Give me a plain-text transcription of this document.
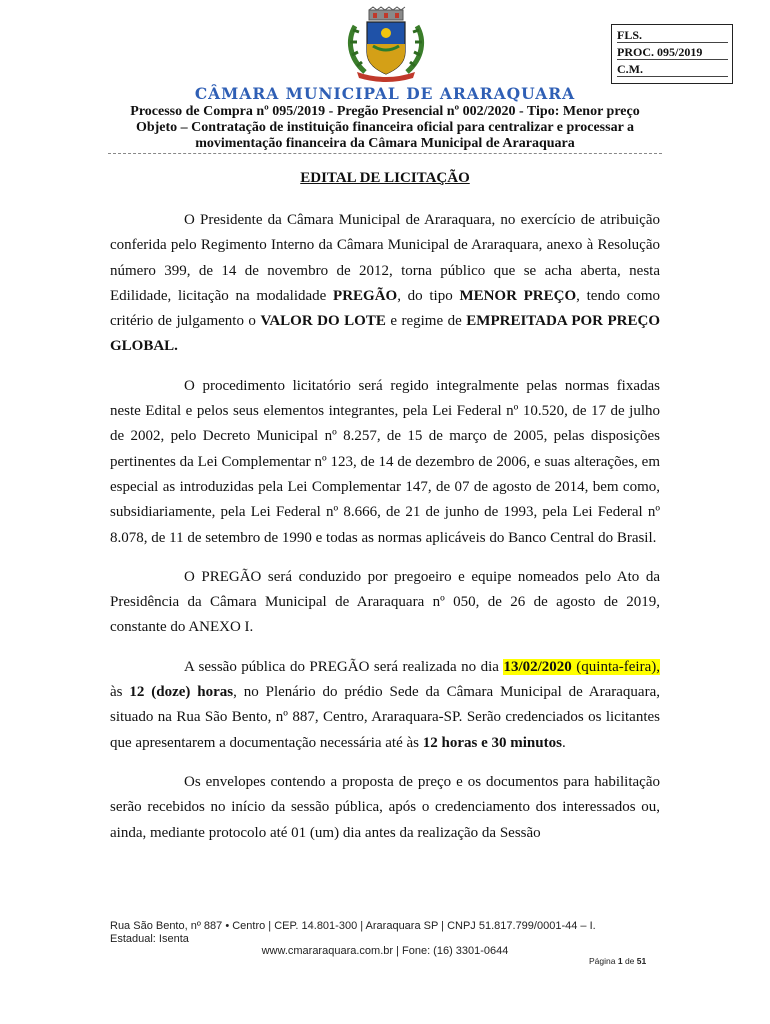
FLS.
PROC. 095/2019
C.M.
CÂMARA MUNICIPAL DE ARARAQUARA
Processo de Compra nº 095/2019 - Pregão Presencial nº 002/2020 - Tipo: Menor preço
Objeto – Contratação de instituição financeira oficial para centralizar e processar a
movimentação financeira da Câmara Municipal de Araraquara
EDITAL DE LICITAÇÃO

O Presidente da Câmara Municipal de Araraquara, no exercício de atribuição conferida pelo Regimento Interno da Câmara Municipal de Araraquara, anexo à Resolução número 399, de 14 de novembro de 2012, torna público que se acha aberta, nesta Edilidade, licitação na modalidade PREGÃO, do tipo MENOR PREÇO, tendo como critério de julgamento o VALOR DO LOTE e regime de EMPREITADA POR PREÇO GLOBAL.

O procedimento licitatório será regido integralmente pelas normas fixadas neste Edital e pelos seus elementos integrantes, pela Lei Federal nº 10.520, de 17 de julho de 2002, pelo Decreto Municipal nº 8.257, de 15 de março de 2005, pelas disposições pertinentes da Lei Complementar nº 123, de 14 de dezembro de 2006, e suas alterações, em especial as introduzidas pela Lei Complementar 147, de 07 de agosto de 2014, bem como, subsidiariamente, pela Lei Federal nº 8.666, de 21 de junho de 1993, pela Lei Federal nº 8.078, de 11 de setembro de 1990 e todas as normas aplicáveis do Banco Central do Brasil.

O PREGÃO será conduzido por pregoeiro e equipe nomeados pelo Ato da Presidência da Câmara Municipal de Araraquara nº 050, de 26 de agosto de 2019, constante do ANEXO I.

A sessão pública do PREGÃO será realizada no dia 13/02/2020 (quinta-feira), às 12 (doze) horas, no Plenário do prédio Sede da Câmara Municipal de Araraquara, situado na Rua São Bento, nº 887, Centro, Araraquara-SP. Serão credenciados os licitantes que apresentarem a documentação necessária até às 12 horas e 30 minutos.

Os envelopes contendo a proposta de preço e os documentos para habilitação serão recebidos no início da sessão pública, após o credenciamento dos interessados ou, ainda, mediante protocolo até 01 (um) dia antes da realização da Sessão

Rua São Bento, nº 887 • Centro | CEP. 14.801-300 | Araraquara SP | CNPJ 51.817.799/0001-44 – I.
Estadual: Isenta
www.cmararaquara.com.br | Fone: (16) 3301-0644
Página 1 de 51
